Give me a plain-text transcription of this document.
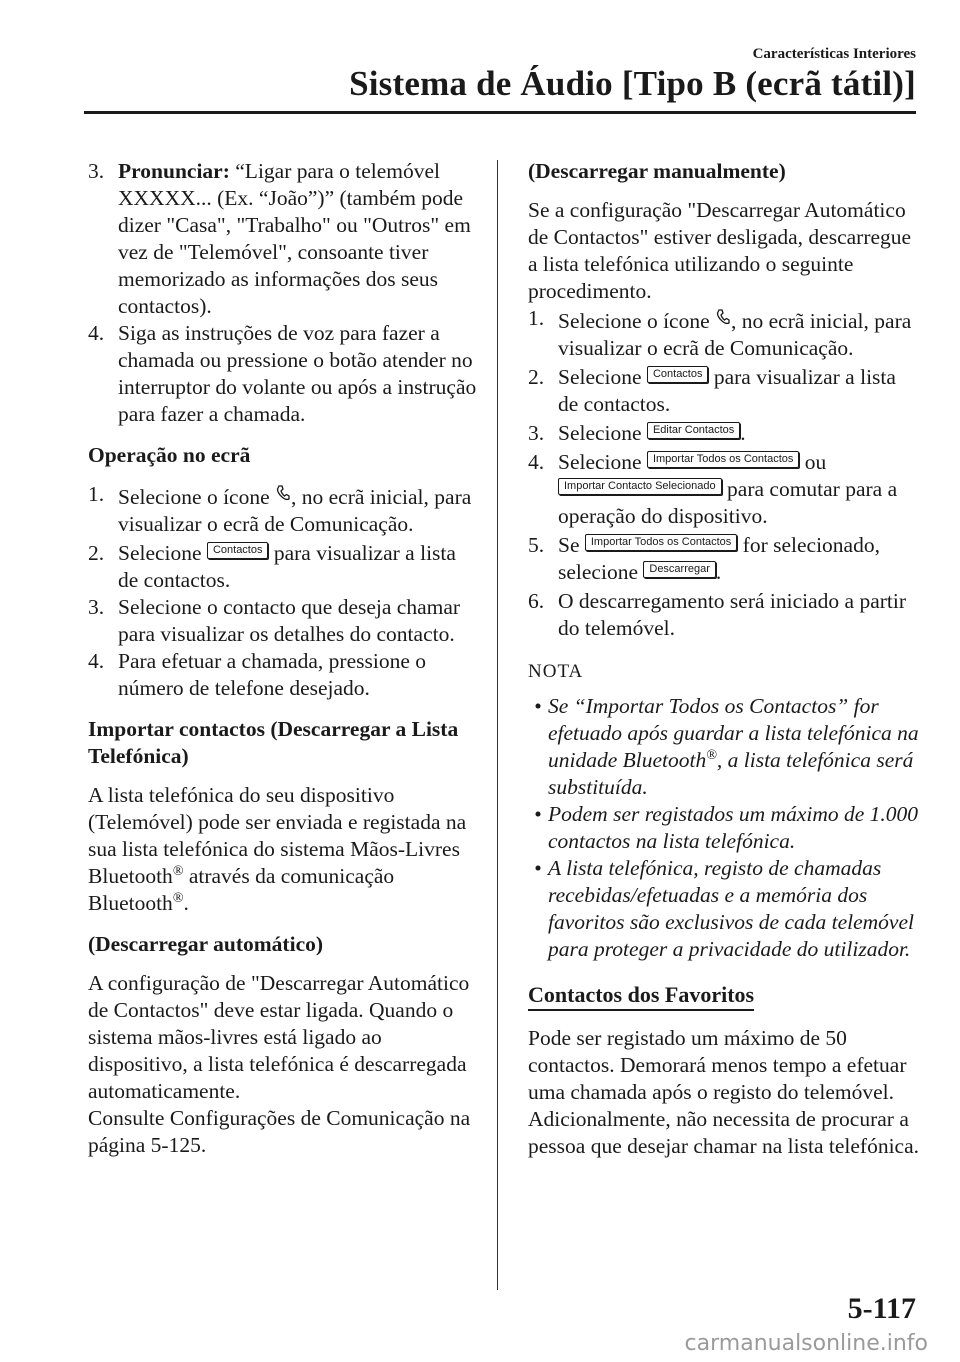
Características Interiores
Sistema de Áudio [Tipo B (ecrã tátil)]
3. Pronunciar: “Ligar para o telemóvel XXXXX... (Ex. “João”)” (também pode dizer "Casa", "Trabalho" ou "Outros" em vez de "Telemóvel", consoante tiver memorizado as informações dos seus contactos).
4. Siga as instruções de voz para fazer a chamada ou pressione o botão atender no interruptor do volante ou após a instrução para fazer a chamada.

Operação no ecrã

1. Selecione o ícone , no ecrã inicial, para visualizar o ecrã de Comunicação.
2. Selecione Contactos para visualizar a lista de contactos.
3. Selecione o contacto que deseja chamar para visualizar os detalhes do contacto.
4. Para efetuar a chamada, pressione o número de telefone desejado.

Importar contactos (Descarregar a Lista Telefónica)

A lista telefónica do seu dispositivo (Telemóvel) pode ser enviada e registada na sua lista telefónica do sistema Mãos-Livres Bluetooth® através da comunicação Bluetooth®.

(Descarregar automático)

A configuração de "Descarregar Automático de Contactos" deve estar ligada. Quando o sistema mãos-livres está ligado ao dispositivo, a lista telefónica é descarregada automaticamente.

Consulte Configurações de Comunicação na página 5-125.

(Descarregar manualmente)

Se a configuração "Descarregar Automático de Contactos" estiver desligada, descarregue a lista telefónica utilizando o seguinte procedimento.

1. Selecione o ícone , no ecrã inicial, para visualizar o ecrã de Comunicação.
2. Selecione Contactos para visualizar a lista de contactos.
3. Selecione Editar Contactos .
4. Selecione Importar Todos os Contactos ou Importar Contacto Selecionado para comutar para a operação do dispositivo.
5. Se Importar Todos os Contactos for selecionado, selecione Descarregar .
6. O descarregamento será iniciado a partir do telemóvel.

NOTA

• Se “Importar Todos os Contactos” for efetuado após guardar a lista telefónica na unidade Bluetooth®, a lista telefónica será substituída.
• Podem ser registados um máximo de 1.000 contactos na lista telefónica.
• A lista telefónica, registo de chamadas recebidas/efetuadas e a memória dos favoritos são exclusivos de cada telemóvel para proteger a privacidade do utilizador.
Contactos dos Favoritos

Pode ser registado um máximo de 50 contactos. Demorará menos tempo a efetuar uma chamada após o registo do telemóvel. Adicionalmente, não necessita de procurar a pessoa que desejar chamar na lista telefónica.

5-117
carmanualsonline.info
